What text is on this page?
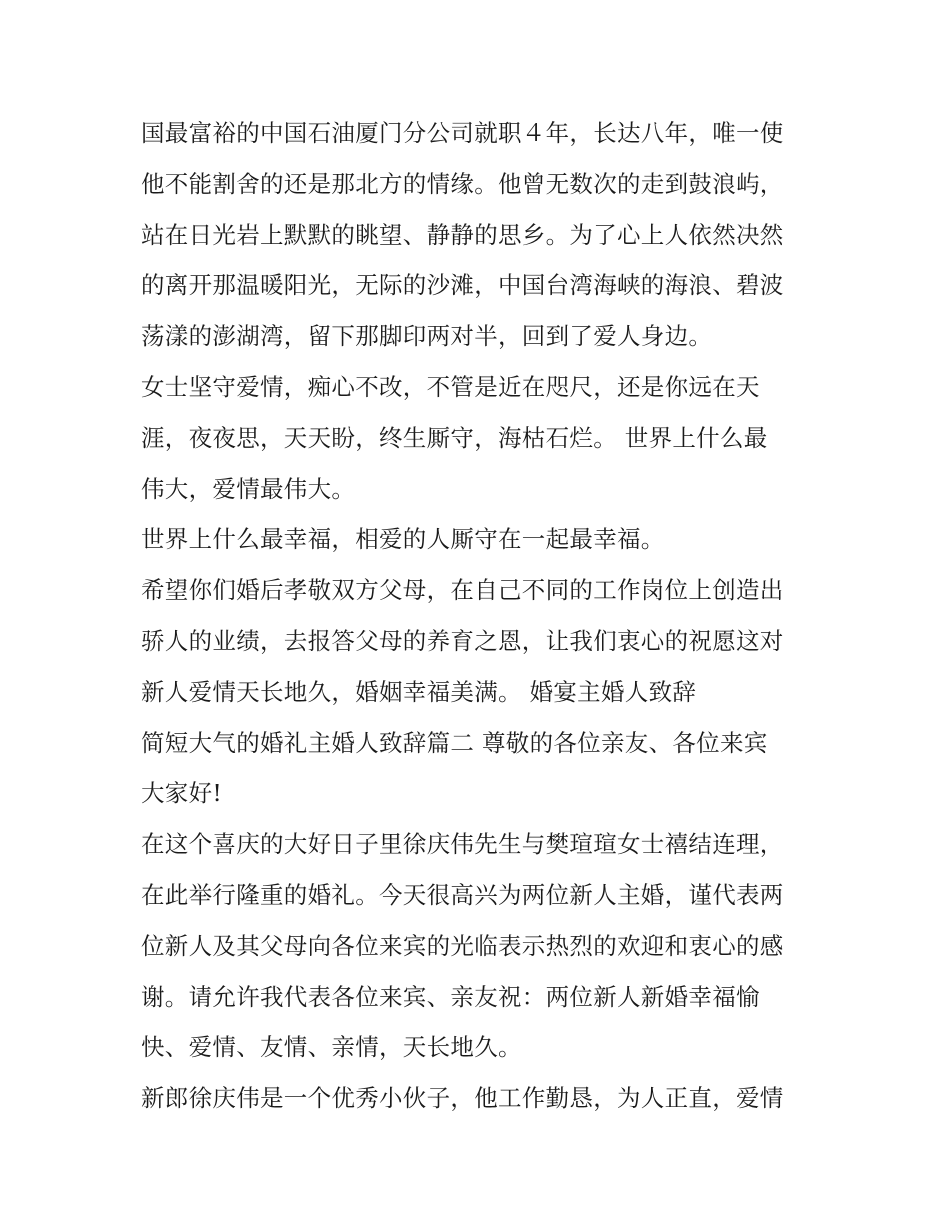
国最富裕的中国石油厦门分公司就职４年，长达八年，唯一使
他不能割舍的还是那北方的情缘。他曾无数次的走到鼓浪屿，
站在日光岩上默默的眺望、静静的思乡。为了心上人依然决然
的离开那温暖阳光，无际的沙滩，中国台湾海峡的海浪、碧波
荡漾的澎湖湾，留下那脚印两对半，回到了爱人身边。
女士坚守爱情，痴心不改，不管是近在咫尺，还是你远在天
涯，夜夜思，天天盼，终生厮守，海枯石烂。 世界上什么最
伟大，爱情最伟大。
世界上什么最幸福，相爱的人厮守在一起最幸福。
希望你们婚后孝敬双方父母，在自己不同的工作岗位上创造出
骄人的业绩，去报答父母的养育之恩，让我们衷心的祝愿这对
新人爱情天长地久，婚姻幸福美满。 婚宴主婚人致辞
简短大气的婚礼主婚人致辞篇二 尊敬的各位亲友、各位来宾
大家好!
在这个喜庆的大好日子里徐庆伟先生与樊瑄瑄女士禧结连理，
在此举行隆重的婚礼。今天很高兴为两位新人主婚，谨代表两
位新人及其父母向各位来宾的光临表示热烈的欢迎和衷心的感
谢。请允许我代表各位来宾、亲友祝：两位新人新婚幸福愉
快、爱情、友情、亲情，天长地久。
新郎徐庆伟是一个优秀小伙子，他工作勤恳，为人正直，爱情
